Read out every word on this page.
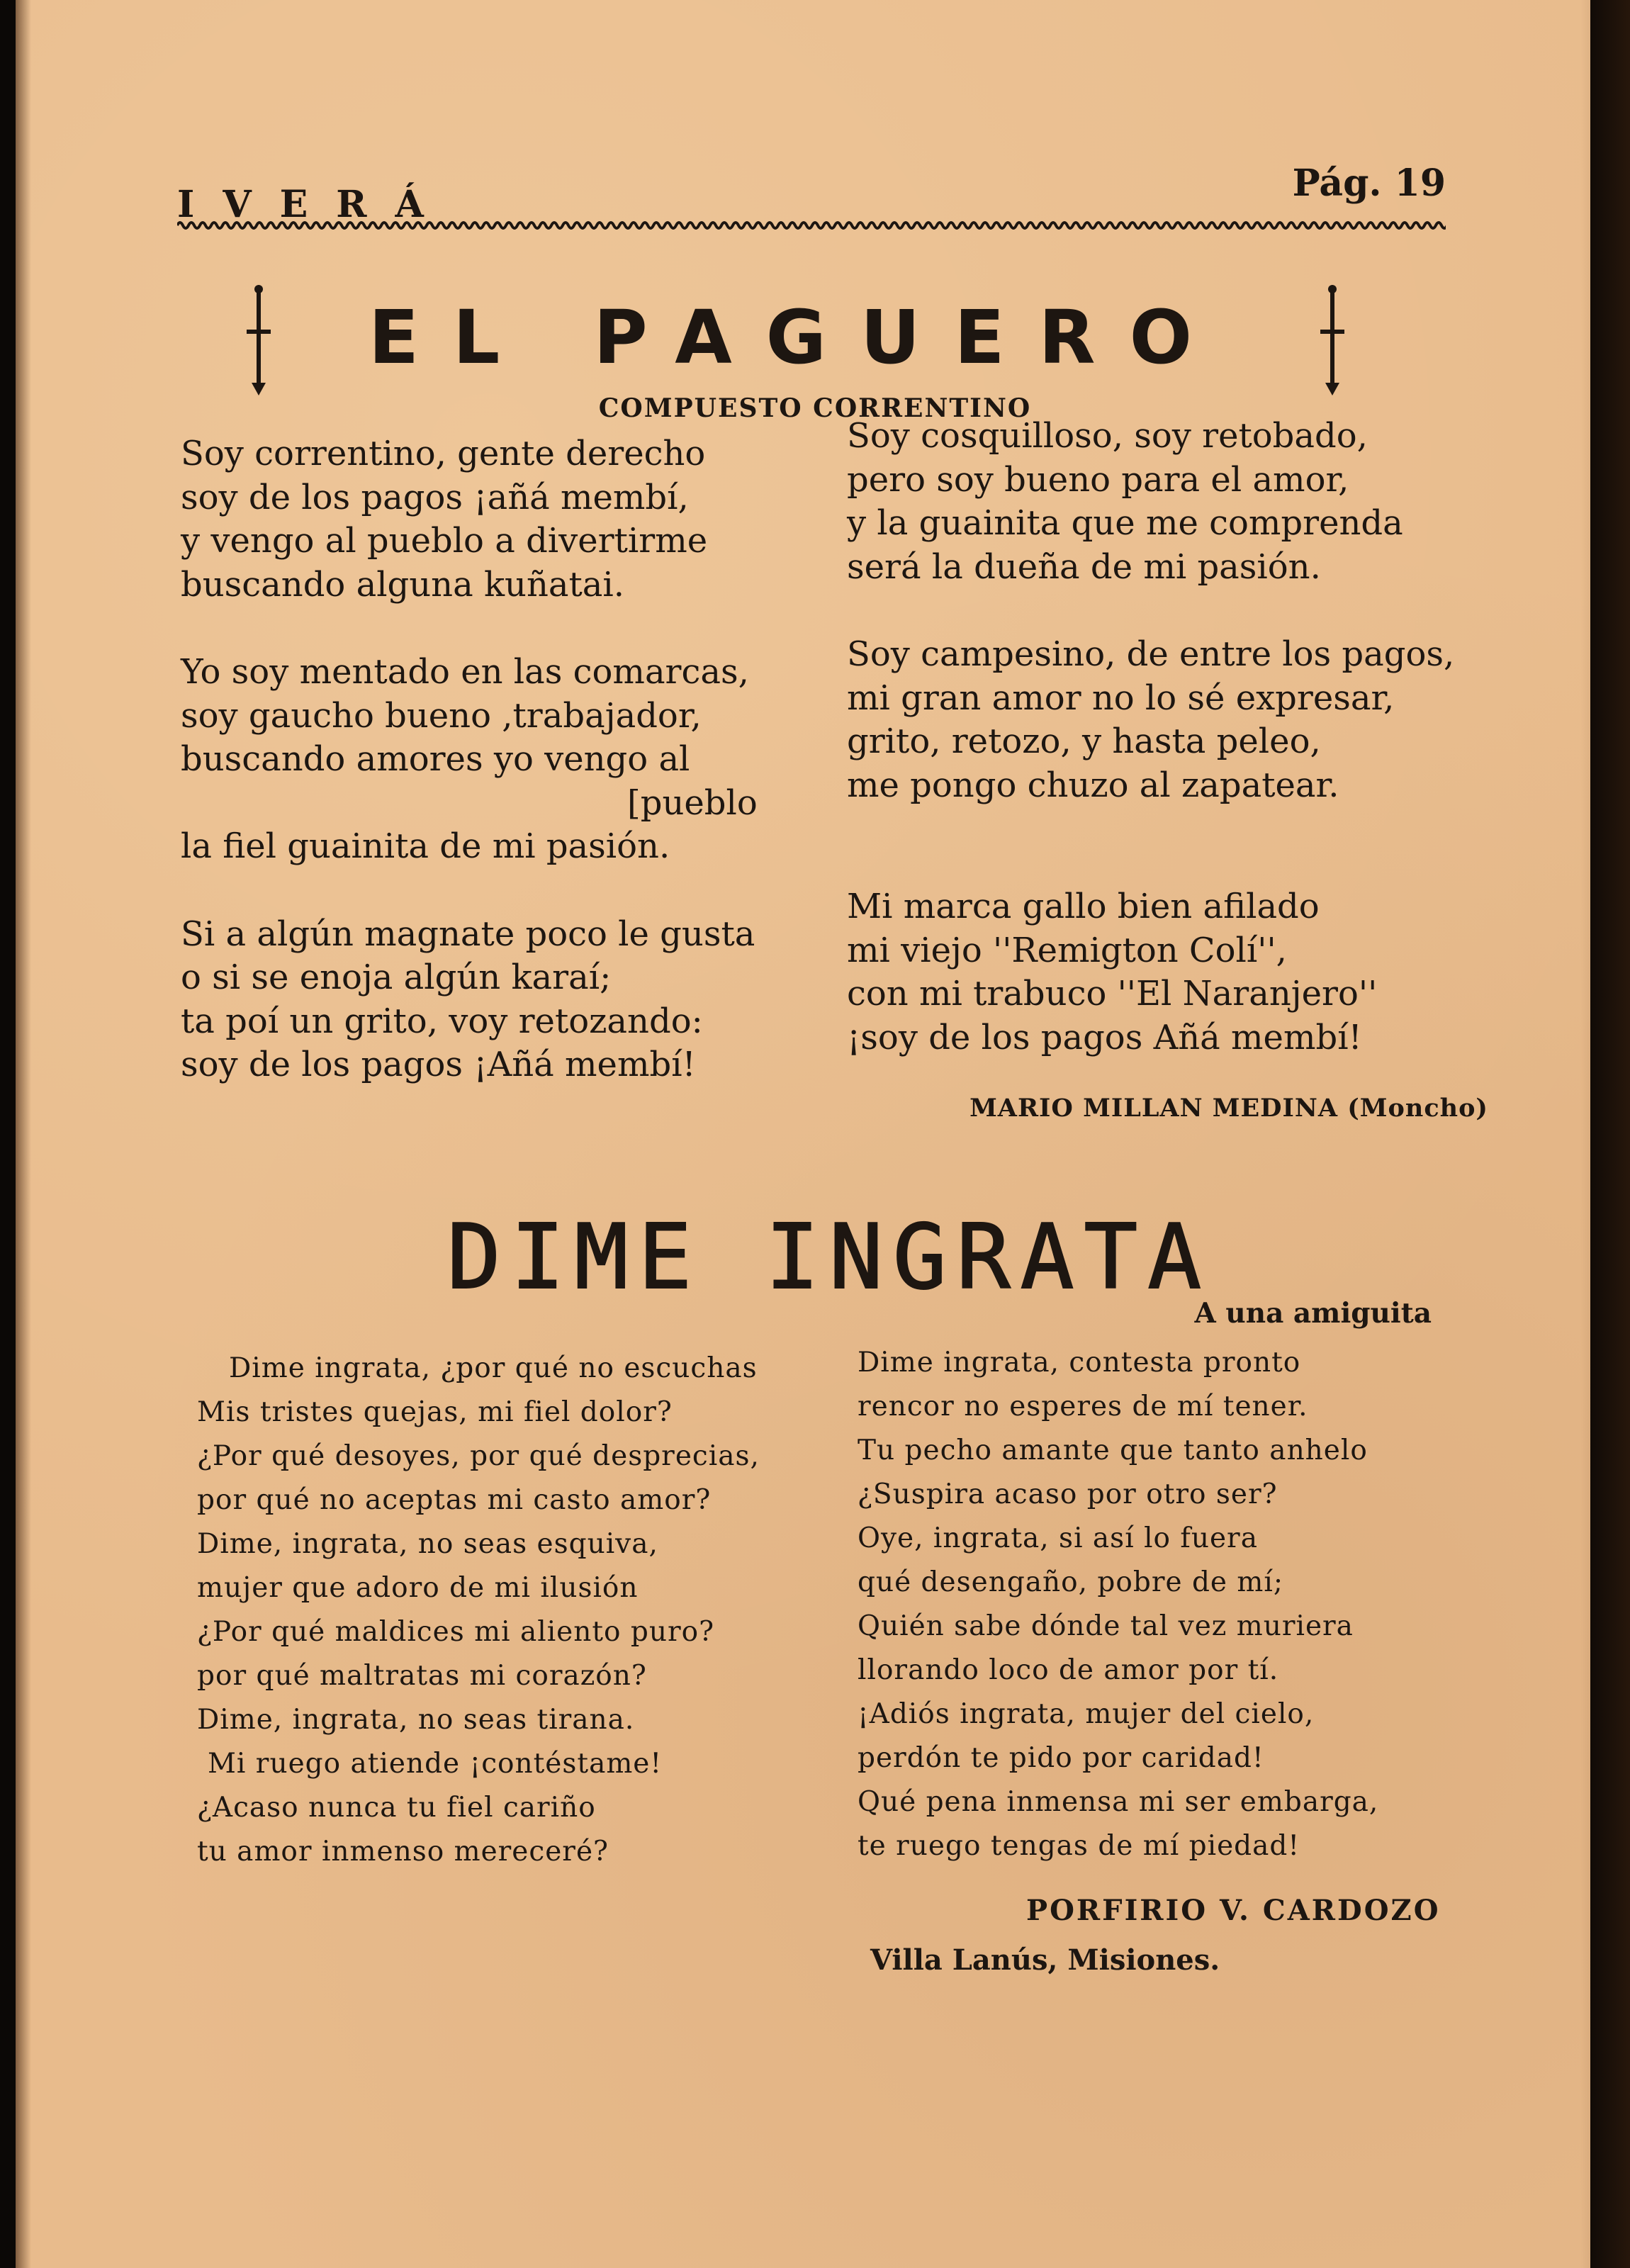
IVERÁ	Pág. 19
EL PAGUERO
COMPUESTO CORRENTINO

Soy correntino, gente derecho

soy de los pagos ¡añá membí,

y vengo al pueblo a divertirme

buscando alguna kuñatai.

Yo soy mentado en las comarcas,

soy gaucho bueno ,trabajador,

buscando amores yo vengo al

[pueblo

la fiel guainita de mi pasión.

Si a algún magnate poco le gusta

o si se enoja algún karaí;

ta poí un grito, voy retozando:

soy de los pagos ¡Añá membí!

Soy cosquilloso, soy retobado,

pero soy bueno para el amor,

y la guainita que me comprenda

será la dueña de mi pasión.

Soy campesino, de entre los pagos,

mi gran amor no lo sé expresar,

grito, retozo, y hasta peleo,

me pongo chuzo al zapatear.

Mi marca gallo bien afilado

mi viejo ''Remigton Colí'',

con mi trabuco ''El Naranjero''

¡soy de los pagos Añá membí!

MARIO MILLAN MEDINA (Moncho)
DIME INGRATA
A una amiguita

Dime ingrata, ¿por qué no escuchas

Mis tristes quejas, mi fiel dolor?

¿Por qué desoyes, por qué desprecias,

por qué no aceptas mi casto amor?

Dime, ingrata, no seas esquiva,

mujer que adoro de mi ilusión

¿Por qué maldices mi aliento puro?

por qué maltratas mi corazón?

Dime, ingrata, no seas tirana.

Mi ruego atiende ¡contéstame!

¿Acaso nunca tu fiel cariño

tu amor inmenso mereceré?

Dime ingrata, contesta pronto

rencor no esperes de mí tener.

Tu pecho amante que tanto anhelo

¿Suspira acaso por otro ser?

Oye, ingrata, si así lo fuera

qué desengaño, pobre de mí;

Quién sabe dónde tal vez muriera

llorando loco de amor por tí.

¡Adiós ingrata, mujer del cielo,

perdón te pido por caridad!

Qué pena inmensa mi ser embarga,

te ruego tengas de mí piedad!

PORFIRIO V. CARDOZO
Villa Lanús, Misiones.
